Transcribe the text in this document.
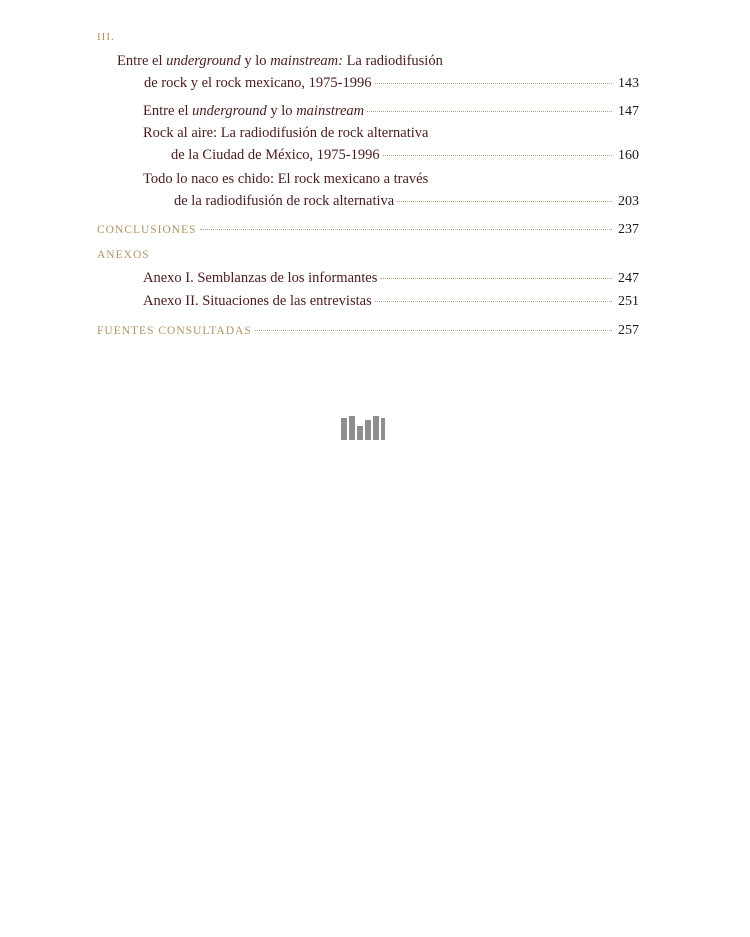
III.
Entre el underground y lo mainstream: La radiodifusión
de rock y el rock mexicano, 1975-1996	143
Entre el underground y lo mainstream	147
Rock al aire: La radiodifusión de rock alternativa
de la Ciudad de México, 1975-1996	160
Todo lo naco es chido: El rock mexicano a través
de la radiodifusión de rock alternativa	203
CONCLUSIONES	237
ANEXOS
Anexo I. Semblanzas de los informantes	247
Anexo II. Situaciones de las entrevistas	251
FUENTES CONSULTADAS	257
